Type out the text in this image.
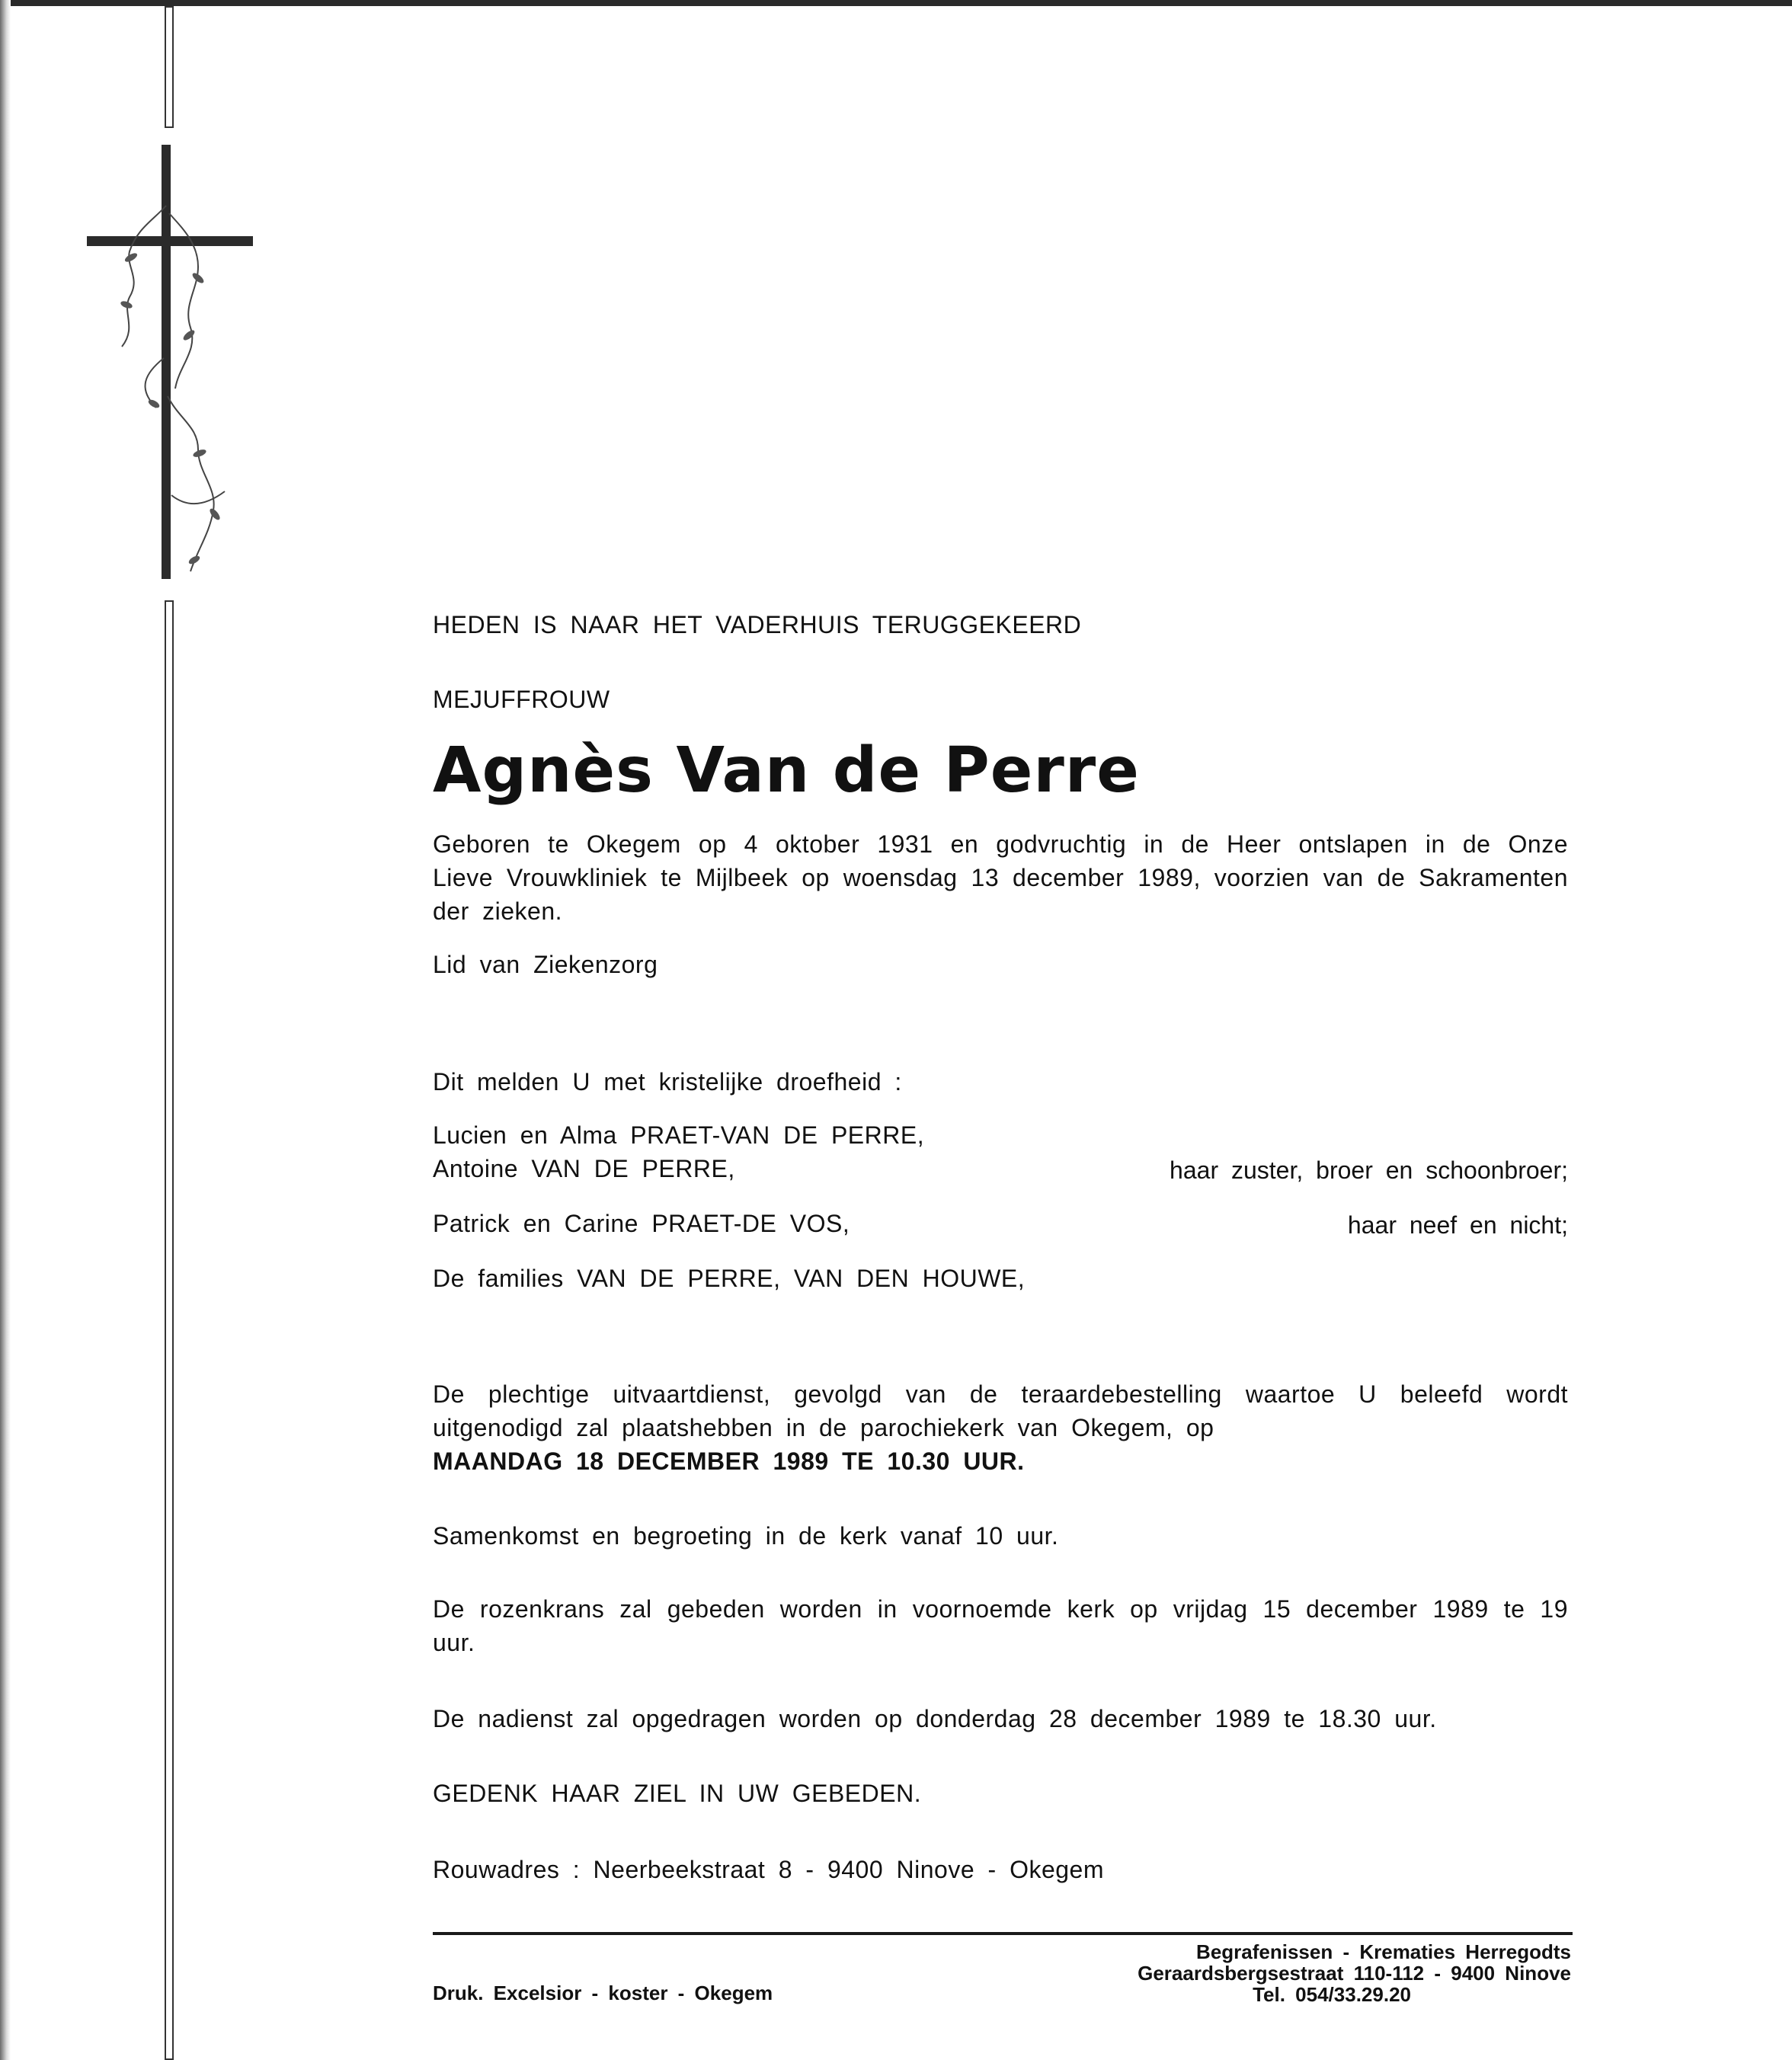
HEDEN IS NAAR HET VADERHUIS TERUGGEKEERD

MEJUFFROUW

Agnès Van de Perre

Geboren te Okegem op 4 oktober 1931 en godvruchtig in de Heer ontslapen in de Onze Lieve Vrouwkliniek te Mijlbeek op woensdag 13 december 1989, voorzien van de Sakramenten der zieken.

Lid van Ziekenzorg

Dit melden U met kristelijke droefheid :

Lucien en Alma PRAET-VAN DE PERRE,

Antoine VAN DE PERRE,	haar zuster, broer en schoonbroer;

Patrick en Carine PRAET-DE VOS,	haar neef en nicht;

De families VAN DE PERRE, VAN DEN HOUWE,

De plechtige uitvaartdienst, gevolgd van de teraardebestelling waartoe U beleefd wordt uitgenodigd zal plaatshebben in de parochiekerk van Okegem, op

MAANDAG 18 DECEMBER 1989 TE 10.30 UUR.

Samenkomst en begroeting in de kerk vanaf 10 uur.

De rozenkrans zal gebeden worden in voornoemde kerk op vrijdag 15 december 1989 te 19 uur.

De nadienst zal opgedragen worden op donderdag 28 december 1989 te 18.30 uur.

GEDENK HAAR ZIEL IN UW GEBEDEN.

Rouwadres : Neerbeekstraat 8 - 9400 Ninove - Okegem

Druk. Excelsior - koster - Okegem
Begrafenissen - Krematies Herregodts
Geraardsbergsestraat 110-112 - 9400 Ninove
Tel. 054/33.29.20
